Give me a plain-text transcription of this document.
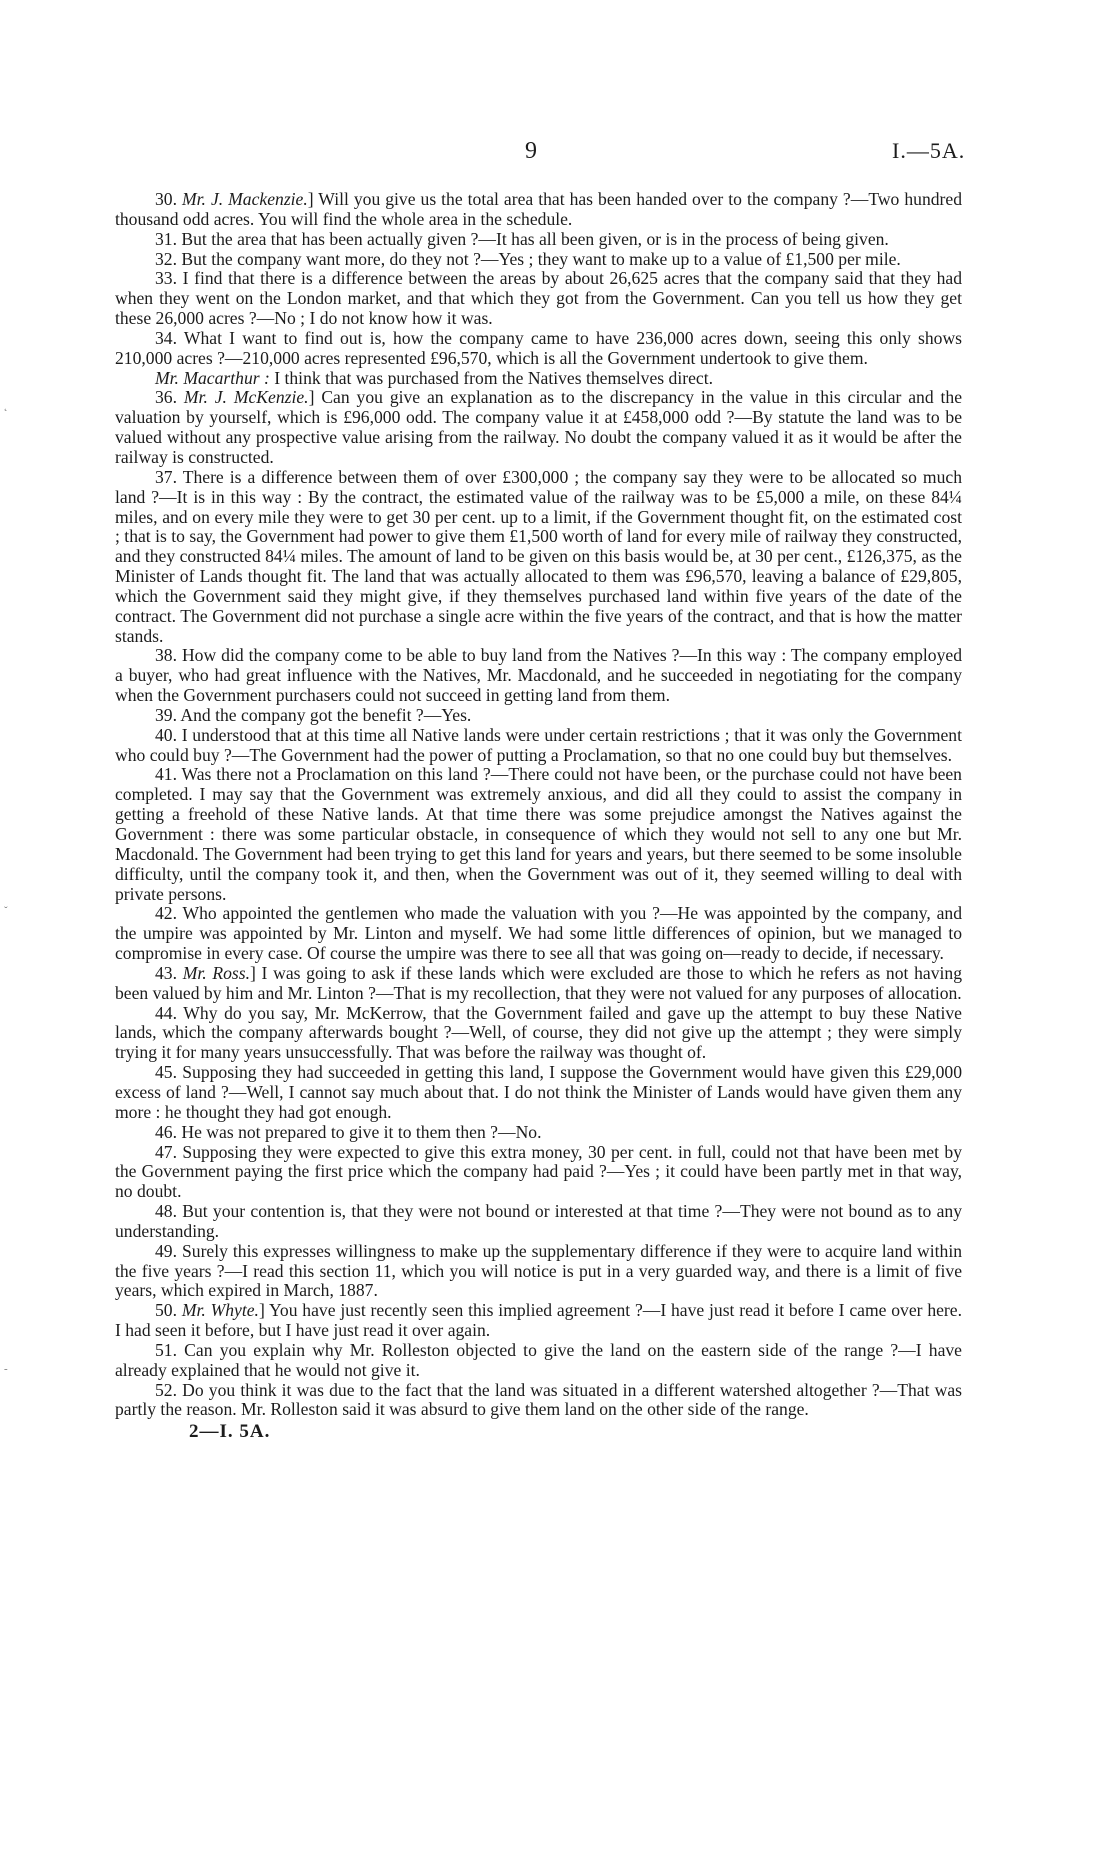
9	I.—5A.
˛
ˇ
‐

30. Mr. J. Mackenzie.] Will you give us the total area that has been handed over to the company ?—Two hundred thousand odd acres. You will find the whole area in the schedule.

31. But the area that has been actually given ?—It has all been given, or is in the process of being given.

32. But the company want more, do they not ?—Yes ; they want to make up to a value of £1,500 per mile.

33. I find that there is a difference between the areas by about 26,625 acres that the company said that they had when they went on the London market, and that which they got from the Government. Can you tell us how they get these 26,000 acres ?—No ; I do not know how it was.

34. What I want to find out is, how the company came to have 236,000 acres down, seeing this only shows 210,000 acres ?—210,000 acres represented £96,570, which is all the Government undertook to give them.

Mr. Macarthur : I think that was purchased from the Natives themselves direct.

36. Mr. J. McKenzie.] Can you give an explanation as to the discrepancy in the value in this circular and the valuation by yourself, which is £96,000 odd. The company value it at £458,000 odd ?—By statute the land was to be valued without any prospective value arising from the railway. No doubt the company valued it as it would be after the railway is constructed.

37. There is a difference between them of over £300,000 ; the company say they were to be allocated so much land ?—It is in this way : By the contract, the estimated value of the railway was to be £5,000 a mile, on these 84¼ miles, and on every mile they were to get 30 per cent. up to a limit, if the Government thought fit, on the estimated cost ; that is to say, the Government had power to give them £1,500 worth of land for every mile of railway they constructed, and they constructed 84¼ miles. The amount of land to be given on this basis would be, at 30 per cent., £126,375, as the Minister of Lands thought fit. The land that was actually allocated to them was £96,570, leaving a balance of £29,805, which the Government said they might give, if they themselves purchased land within five years of the date of the contract. The Government did not purchase a single acre within the five years of the contract, and that is how the matter stands.

38. How did the company come to be able to buy land from the Natives ?—In this way : The company employed a buyer, who had great influence with the Natives, Mr. Macdonald, and he succeeded in negotiating for the company when the Government purchasers could not succeed in getting land from them.

39. And the company got the benefit ?—Yes.

40. I understood that at this time all Native lands were under certain restrictions ; that it was only the Government who could buy ?—The Government had the power of putting a Proclamation, so that no one could buy but themselves.

41. Was there not a Proclamation on this land ?—There could not have been, or the purchase could not have been completed. I may say that the Government was extremely anxious, and did all they could to assist the company in getting a freehold of these Native lands. At that time there was some prejudice amongst the Natives against the Government : there was some particular obstacle, in consequence of which they would not sell to any one but Mr. Macdonald. The Government had been trying to get this land for years and years, but there seemed to be some insoluble difficulty, until the company took it, and then, when the Government was out of it, they seemed willing to deal with private persons.

42. Who appointed the gentlemen who made the valuation with you ?—He was appointed by the company, and the umpire was appointed by Mr. Linton and myself. We had some little differences of opinion, but we managed to compromise in every case. Of course the umpire was there to see all that was going on—ready to decide, if necessary.

43. Mr. Ross.] I was going to ask if these lands which were excluded are those to which he refers as not having been valued by him and Mr. Linton ?—That is my recollection, that they were not valued for any purposes of allocation.

44. Why do you say, Mr. McKerrow, that the Government failed and gave up the attempt to buy these Native lands, which the company afterwards bought ?—Well, of course, they did not give up the attempt ; they were simply trying it for many years unsuccessfully. That was before the railway was thought of.

45. Supposing they had succeeded in getting this land, I suppose the Government would have given this £29,000 excess of land ?—Well, I cannot say much about that. I do not think the Minister of Lands would have given them any more : he thought they had got enough.

46. He was not prepared to give it to them then ?—No.

47. Supposing they were expected to give this extra money, 30 per cent. in full, could not that have been met by the Government paying the first price which the company had paid ?—Yes ; it could have been partly met in that way, no doubt.

48. But your contention is, that they were not bound or interested at that time ?—They were not bound as to any understanding.

49. Surely this expresses willingness to make up the supplementary difference if they were to acquire land within the five years ?—I read this section 11, which you will notice is put in a very guarded way, and there is a limit of five years, which expired in March, 1887.

50. Mr. Whyte.] You have just recently seen this implied agreement ?—I have just read it before I came over here. I had seen it before, but I have just read it over again.

51. Can you explain why Mr. Rolleston objected to give the land on the eastern side of the range ?—I have already explained that he would not give it.

52. Do you think it was due to the fact that the land was situated in a different watershed altogether ?—That was partly the reason. Mr. Rolleston said it was absurd to give them land on the other side of the range.

2—I. 5A.
